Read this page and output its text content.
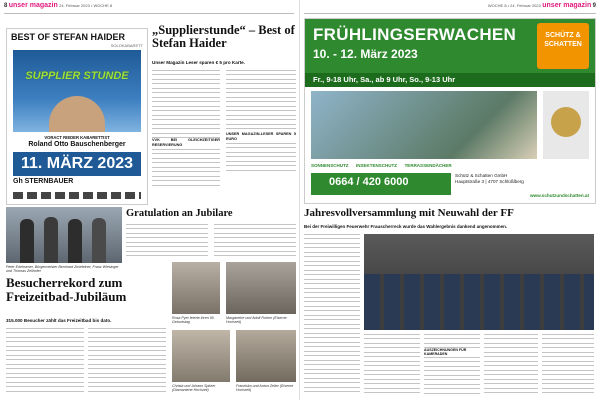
8 unser magazin 24. Februar 2023 • WOCHE 8	WOCHE 8 • 24. Februar 2023 unser magazin 9
BEST OF STEFAN HAIDER
SOLOKABARETT
SUPPLIER STUNDE
VORACT RIEDER KABARETTIST
Roland Otto Bauschenberger
11. MÄRZ 2023
Gh STERNBAUER
„Supplierstunde“ – Best of Stefan Haider
Unser Magazin Leser sparen € 5 pro Karte.
VVK BEI GLEICHZEITIGER RESERVIERUNG
UNSER MAGAZIN-LESER SPAREN 5 EURO
Peter Erlehsener, Bürgermeister Bernhard Zwiefelner, Franz Wiesinger und Thomas Zeilhofer
Besucherrekord zum Freizeitbad-Jubiläum
315.000 Besucher zählt das Freizeitbad bis dato.
Gratulation an Jubilare
Rosa Pyer feierte ihren 90. Geburtstag
Margarethe und Adolf Rother (Eiserne Hochzeit)
Christa und Johann Spitzer (Diamantene Hochzeit)
Franziska und Anton Zeller (Eiserne Hochzeit)
FRÜHLINGSERWACHEN
10. - 12. März 2023
SCHÜTZ & SCHATTEN
Fr., 9-18 Uhr, Sa., ab 9 Uhr, So., 9-13 Uhr
SONNENSCHUTZ INSEKTENSCHUTZ TERRASSENDÄCHER
0664 / 420 6000
Schütz & Schatten GmbH
Hauptstraße 3 | 4707 Schlüßlberg
www.schutzundschatten.at
Jahresvollversammlung mit Neuwahl der FF
Bei der Freiwilligen Feuerwehr Frauscherreck wurde das Wahlergebnis dankend angenommen.
AUSZEICHNUNGEN FÜR KAMERADEN
